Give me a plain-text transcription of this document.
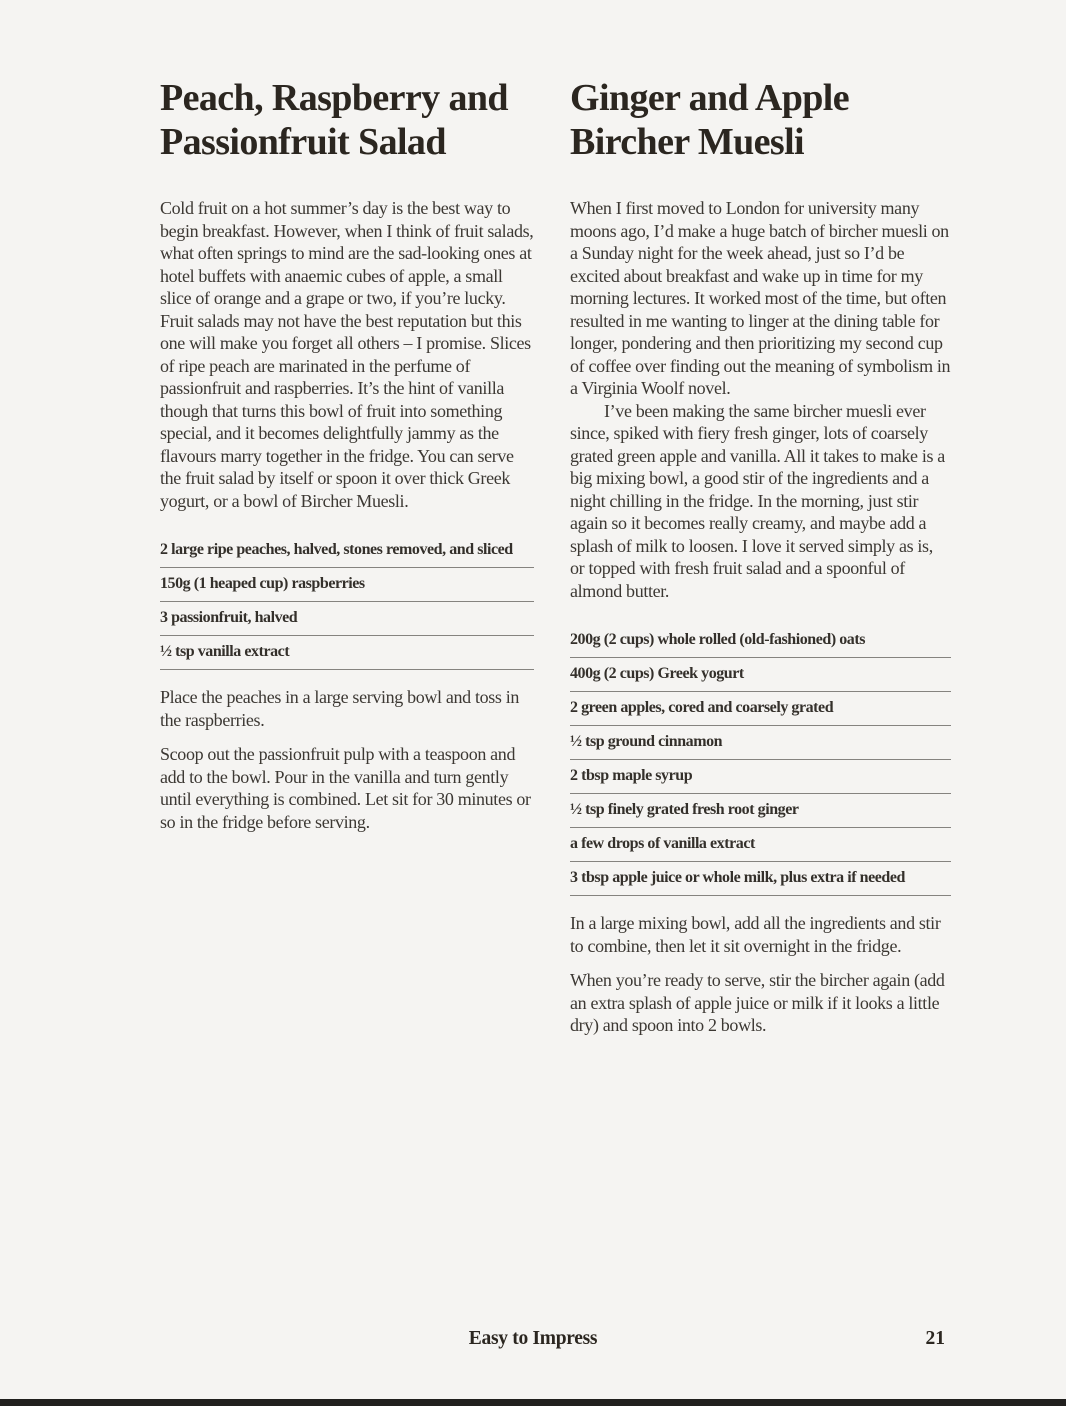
Peach, Raspberry and Passionfruit Salad

Cold fruit on a hot summer’s day is the best way to begin breakfast. However, when I think of fruit salads, what often springs to mind are the sad-looking ones at hotel buffets with anaemic cubes of apple, a small slice of orange and a grape or two, if you’re lucky. Fruit salads may not have the best reputation but this one will make you forget all others – I promise. Slices of ripe peach are marinated in the perfume of passionfruit and raspberries. It’s the hint of vanilla though that turns this bowl of fruit into something special, and it becomes delightfully jammy as the flavours marry together in the fridge. You can serve the fruit salad by itself or spoon it over thick Greek yogurt, or a bowl of Bircher Muesli.

2 large ripe peaches, halved, stones removed, and sliced
150g (1 heaped cup) raspberries
3 passionfruit, halved
½ tsp vanilla extract

Place the peaches in a large serving bowl and toss in the raspberries.

Scoop out the passionfruit pulp with a teaspoon and add to the bowl. Pour in the vanilla and turn gently until everything is combined. Let sit for 30 minutes or so in the fridge before serving.

Ginger and Apple Bircher Muesli

When I first moved to London for university many moons ago, I’d make a huge batch of bircher muesli on a Sunday night for the week ahead, just so I’d be excited about breakfast and wake up in time for my morning lectures. It worked most of the time, but often resulted in me wanting to linger at the dining table for longer, pondering and then prioritizing my second cup of coffee over finding out the meaning of symbolism in a Virginia Woolf novel.

I’ve been making the same bircher muesli ever since, spiked with fiery fresh ginger, lots of coarsely grated green apple and vanilla. All it takes to make is a big mixing bowl, a good stir of the ingredients and a night chilling in the fridge. In the morning, just stir again so it becomes really creamy, and maybe add a splash of milk to loosen. I love it served simply as is, or topped with fresh fruit salad and a spoonful of almond butter.

200g (2 cups) whole rolled (old-fashioned) oats
400g (2 cups) Greek yogurt
2 green apples, cored and coarsely grated
½ tsp ground cinnamon
2 tbsp maple syrup
½ tsp finely grated fresh root ginger
a few drops of vanilla extract
3 tbsp apple juice or whole milk, plus extra if needed

In a large mixing bowl, add all the ingredients and stir to combine, then let it sit overnight in the fridge.

When you’re ready to serve, stir the bircher again (add an extra splash of apple juice or milk if it looks a little dry) and spoon into 2 bowls.

Easy to Impress	21
